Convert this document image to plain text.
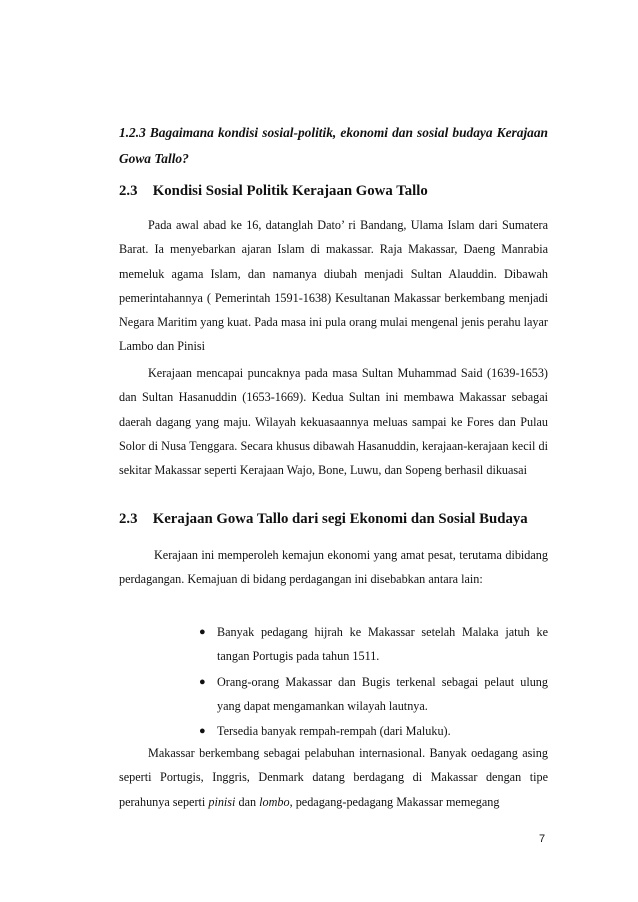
1.2.3 Bagaimana kondisi sosial-politik, ekonomi dan sosial budaya Kerajaan Gowa Tallo?
2.3 Kondisi Sosial Politik Kerajaan Gowa Tallo
Pada awal abad ke 16, datanglah Dato’ ri Bandang, Ulama Islam dari Sumatera Barat. Ia menyebarkan ajaran Islam di makassar. Raja Makassar, Daeng Manrabia memeluk agama Islam, dan namanya diubah menjadi Sultan Alauddin. Dibawah pemerintahannya ( Pemerintah 1591-1638) Kesultanan Makassar berkembang menjadi Negara Maritim yang kuat. Pada masa ini pula orang mulai mengenal jenis perahu layar Lambo dan Pinisi
Kerajaan mencapai puncaknya pada masa Sultan Muhammad Said (1639-1653) dan Sultan Hasanuddin (1653-1669). Kedua Sultan ini membawa Makassar sebagai daerah dagang yang maju. Wilayah kekuasaannya meluas sampai ke Fores dan Pulau Solor di Nusa Tenggara. Secara khusus dibawah Hasanuddin, kerajaan-kerajaan kecil di sekitar Makassar seperti Kerajaan Wajo, Bone, Luwu, dan Sopeng berhasil dikuasai
2.3 Kerajaan Gowa Tallo dari segi Ekonomi dan Sosial Budaya
Kerajaan ini memperoleh kemajun ekonomi yang amat pesat, terutama dibidang perdagangan. Kemajuan di bidang perdagangan ini disebabkan antara lain:
● Banyak pedagang hijrah ke Makassar setelah Malaka jatuh ke tangan Portugis pada tahun 1511.
● Orang-orang Makassar dan Bugis terkenal sebagai pelaut ulung yang dapat mengamankan wilayah lautnya.
● Tersedia banyak rempah-rempah (dari Maluku).
Makassar berkembang sebagai pelabuhan internasional. Banyak oedagang asing seperti Portugis, Inggris, Denmark datang berdagang di Makassar dengan tipe perahunya seperti pinisi dan lombo, pedagang-pedagang Makassar memegang
7
